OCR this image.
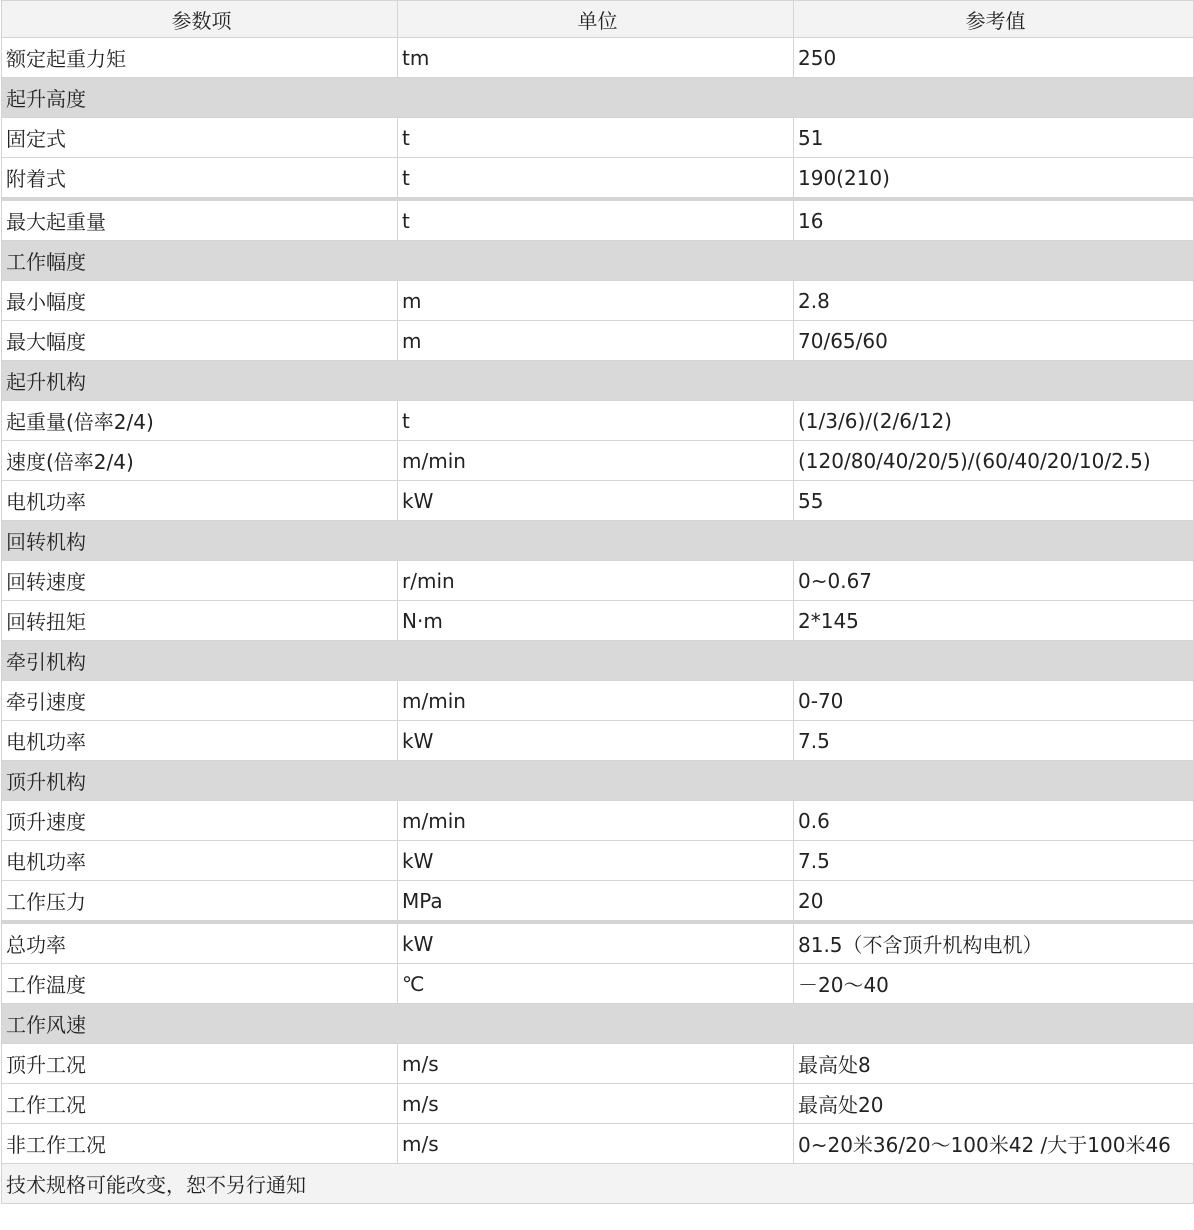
参数项	单位	参考值
额定起重力矩	tm	250
起升高度		
固定式	t	51
附着式	t	190(210)
最大起重量	t	16
工作幅度		
最小幅度	m	2.8
最大幅度	m	70/65/60
起升机构		
起重量(倍率2/4)	t	(1/3/6)/(2/6/12)
速度(倍率2/4)	m/min	(120/80/40/20/5)/(60/40/20/10/2.5)
电机功率	kW	55
回转机构		
回转速度	r/min	0~0.67
回转扭矩	N·m	2*145
牵引机构		
牵引速度	m/min	0-70
电机功率	kW	7.5
顶升机构		
顶升速度	m/min	0.6
电机功率	kW	7.5
工作压力	MPa	20
总功率	kW	81.5（不含顶升机构电机）
工作温度	℃	－20～40
工作风速		
顶升工况	m/s	最高处8
工作工况	m/s	最高处20
非工作工况	m/s	0~20米36/20～100米42 /大于100米46
技术规格可能改变，恕不另行通知		
